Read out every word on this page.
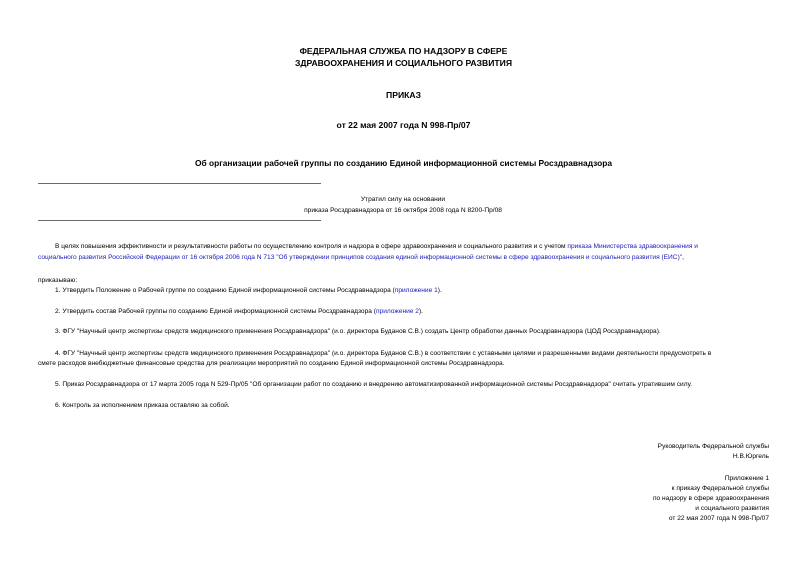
ФЕДЕРАЛЬНАЯ СЛУЖБА ПО НАДЗОРУ В СФЕРЕ
ЗДРАВООХРАНЕНИЯ И СОЦИАЛЬНОГО РАЗВИТИЯ
ПРИКАЗ
от 22 мая 2007 года N 998-Пр/07
Об организации рабочей группы по созданию Единой информационной системы Росздравнадзора
Утратил силу на основании
приказа Росздравнадзора от 16 октября 2008 года N 8200-Пр/08
В целях повышения эффективности и результативности работы по осуществлению контроля и надзора в сфере здравоохранения и социального развития и с учетом приказа Министерства здравоохранения и
социального развития Российской Федерации от 16 октября 2006 года N 713 "Об утверждении принципов создания единой информационной системы в сфере здравоохранения и социального развития (ЕИС)",
приказываю:
1. Утвердить Положение о Рабочей группе по созданию Единой информационной системы Росздравнадзора (приложение 1).
2. Утвердить состав Рабочей группы по созданию Единой информационной системы Росздравнадзора (приложение 2).
3. ФГУ "Научный центр экспертизы средств медицинского применения Росздравнадзора" (и.о. директора Буданов С.В.) создать Центр обработки данных Росздравнадзора (ЦОД Росздравнадзора).
4. ФГУ "Научный центр экспертизы средств медицинского применения Росздравнадзора" (и.о. директора Буданов С.В.) в соответствии с уставными целями и разрешенными видами деятельности предусмотреть в
смете расходов внебюджетные финансовые средства для реализации мероприятий по созданию Единой информационной системы Росздравнадзора.
5. Приказ Росздравнадзора от 17 марта 2005 года N 529-Пр/05 "Об организации работ по созданию и внедрению автоматизированной информационной системы Росздравнадзора" считать утратившим силу.
6. Контроль за исполнением приказа оставляю за собой.
Руководитель Федеральной службы
Н.В.Юргель
Приложение 1
к приказу Федеральной службы
по надзору в сфере здравоохранения
и социального развития
от 22 мая 2007 года N 998-Пр/07
